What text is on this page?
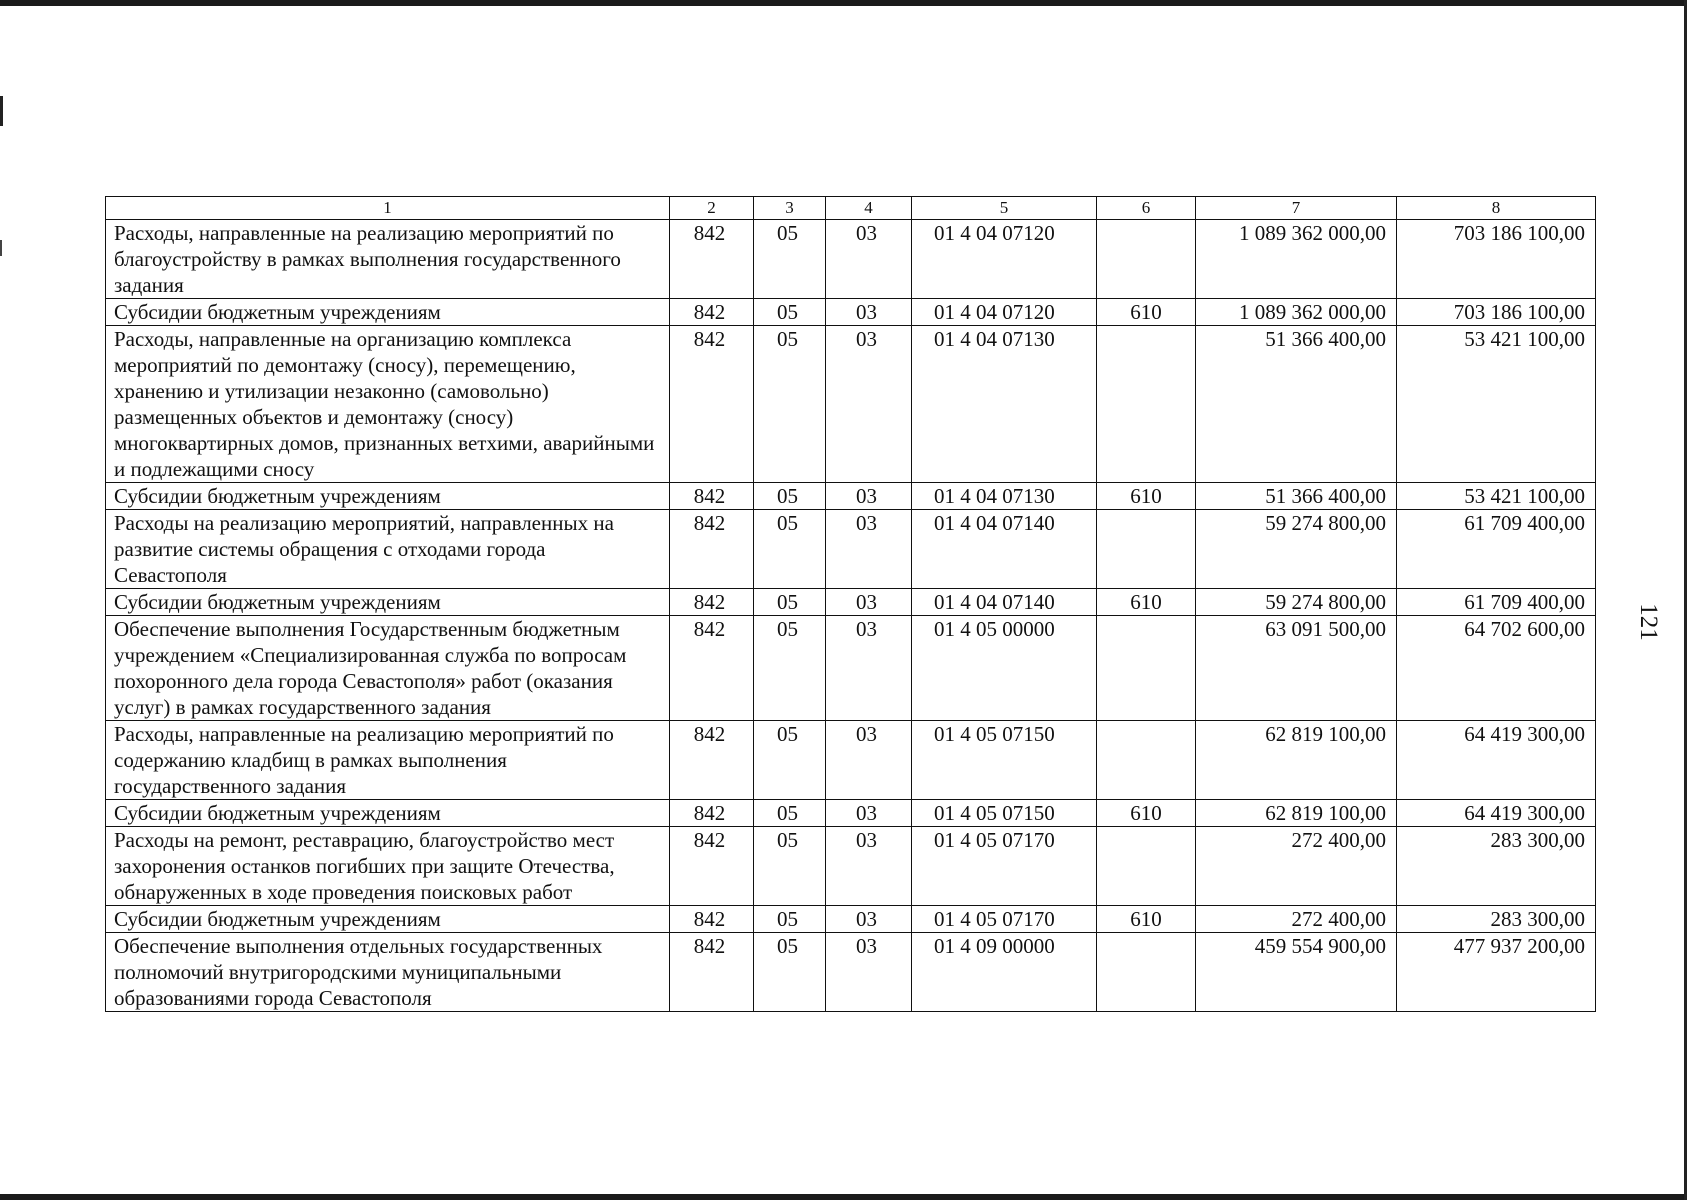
121
1	2	3	4	5	6	7	8
Расходы, направленные на реализацию мероприятий по благоустройству в рамках выполнения государственного задания	842	05	03	01 4 04 07120		1 089 362 000,00	703 186 100,00
Субсидии бюджетным учреждениям	842	05	03	01 4 04 07120	610	1 089 362 000,00	703 186 100,00
Расходы, направленные на организацию комплекса мероприятий по демонтажу (сносу), перемещению, хранению и утилизации незаконно (самовольно) размещенных объектов и демонтажу (сносу) многоквартирных домов, признанных ветхими, аварийными и подлежащими сносу	842	05	03	01 4 04 07130		51 366 400,00	53 421 100,00
Субсидии бюджетным учреждениям	842	05	03	01 4 04 07130	610	51 366 400,00	53 421 100,00
Расходы на реализацию мероприятий, направленных на развитие системы обращения с отходами города Севастополя	842	05	03	01 4 04 07140		59 274 800,00	61 709 400,00
Субсидии бюджетным учреждениям	842	05	03	01 4 04 07140	610	59 274 800,00	61 709 400,00
Обеспечение выполнения Государственным бюджетным учреждением «Специализированная служба по вопросам похоронного дела города Севастополя» работ (оказания услуг) в рамках государственного задания	842	05	03	01 4 05 00000		63 091 500,00	64 702 600,00
Расходы, направленные на реализацию мероприятий по содержанию кладбищ в рамках выполнения государственного задания	842	05	03	01 4 05 07150		62 819 100,00	64 419 300,00
Субсидии бюджетным учреждениям	842	05	03	01 4 05 07150	610	62 819 100,00	64 419 300,00
Расходы на ремонт, реставрацию, благоустройство мест захоронения останков погибших при защите Отечества, обнаруженных в ходе проведения поисковых работ	842	05	03	01 4 05 07170		272 400,00	283 300,00
Субсидии бюджетным учреждениям	842	05	03	01 4 05 07170	610	272 400,00	283 300,00
Обеспечение выполнения отдельных государственных полномочий внутригородскими муниципальными образованиями города Севастополя	842	05	03	01 4 09 00000		459 554 900,00	477 937 200,00
